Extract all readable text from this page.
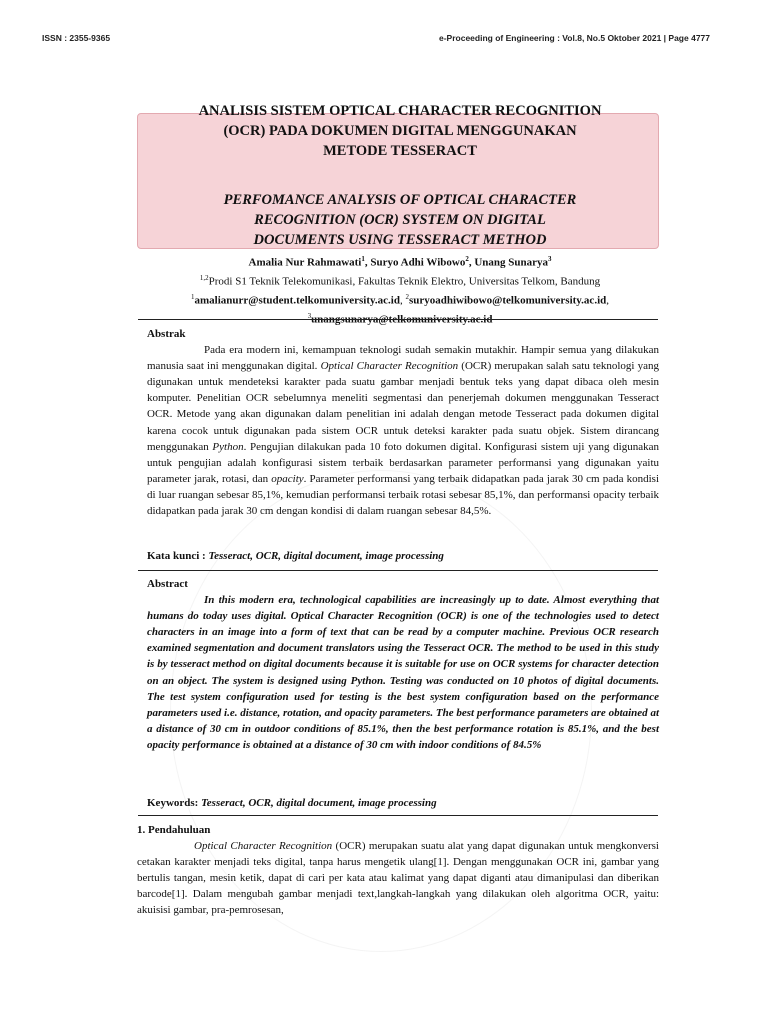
ISSN : 2355-9365	e-Proceeding of Engineering : Vol.8, No.5 Oktober 2021 | Page 4777
ANALISIS SISTEM OPTICAL CHARACTER RECOGNITION
(OCR) PADA DOKUMEN DIGITAL MENGGUNAKAN
METODE TESSERACT
PERFOMANCE ANALYSIS OF OPTICAL CHARACTER
RECOGNITION (OCR) SYSTEM ON DIGITAL
DOCUMENTS USING TESSERACT METHOD
Amalia Nur Rahmawati$^1$, Suryo Adhi Wibowo$^2$, Unang Sunarya$^3$
$^{1,2}$Prodi S1 Teknik Telekomunikasi, Fakultas Teknik Elektro, Universitas Telkom, Bandung
$^1$amalianurr@student.telkomuniversity.ac.id, $^2$suryoadhiwibowo@telkomuniversity.ac.id,
$^3$unangsunarya@telkomuniversity.ac.id
Abstrak
Pada era modern ini, kemampuan teknologi sudah semakin mutakhir. Hampir semua yang dilakukan manusia saat ini menggunakan digital. Optical Character Recognition (OCR) merupakan salah satu teknologi yang digunakan untuk mendeteksi karakter pada suatu gambar menjadi bentuk teks yang dapat dibaca oleh mesin komputer. Penelitian OCR sebelumnya meneliti segmentasi dan penerjemah dokumen menggunakan Tesseract OCR. Metode yang akan digunakan dalam penelitian ini adalah dengan metode Tesseract pada dokumen digital karena cocok untuk digunakan pada sistem OCR untuk deteksi karakter pada suatu objek. Sistem dirancang menggunakan Python. Pengujian dilakukan pada 10 foto dokumen digital. Konfigurasi sistem uji yang digunakan untuk pengujian adalah konfigurasi sistem terbaik berdasarkan parameter performansi yang digunakan yaitu parameter jarak, rotasi, dan opacity. Parameter performansi yang terbaik didapatkan pada jarak 30 cm pada kondisi di luar ruangan sebesar 85,1%, kemudian performansi terbaik rotasi sebesar 85,1%, dan performansi opacity terbaik didapatkan pada jarak 30 cm dengan kondisi di dalam ruangan sebesar 84,5%.
Kata kunci : Tesseract, OCR, digital document, image processing
Abstract
In this modern era, technological capabilities are increasingly up to date. Almost everything that humans do today uses digital. Optical Character Recognition (OCR) is one of the technologies used to detect characters in an image into a form of text that can be read by a computer machine. Previous OCR research examined segmentation and document translators using the Tesseract OCR. The method to be used in this study is by tesseract method on digital documents because it is suitable for use on OCR systems for character detection on an object. The system is designed using Python. Testing was conducted on 10 photos of digital documents. The test system configuration used for testing is the best system configuration based on the performance parameters used i.e. distance, rotation, and opacity parameters. The best performance parameters are obtained at a distance of 30 cm in outdoor conditions of 85.1%, then the best performance rotation is 85.1%, and the best opacity performance is obtained at a distance of 30 cm with indoor conditions of 84.5%
Keywords: Tesseract, OCR, digital document, image processing
1. Pendahuluan
Optical Character Recognition (OCR) merupakan suatu alat yang dapat digunakan untuk mengkonversi cetakan karakter menjadi teks digital, tanpa harus mengetik ulang[1]. Dengan menggunakan OCR ini, gambar yang bertulis tangan, mesin ketik, dapat di cari per kata atau kalimat yang dapat diganti atau dimanipulasi dan diberikan barcode[1]. Dalam mengubah gambar menjadi text,langkah-langkah yang dilakukan oleh algoritma OCR, yaitu: akuisisi gambar, pra-pemrosesan,
